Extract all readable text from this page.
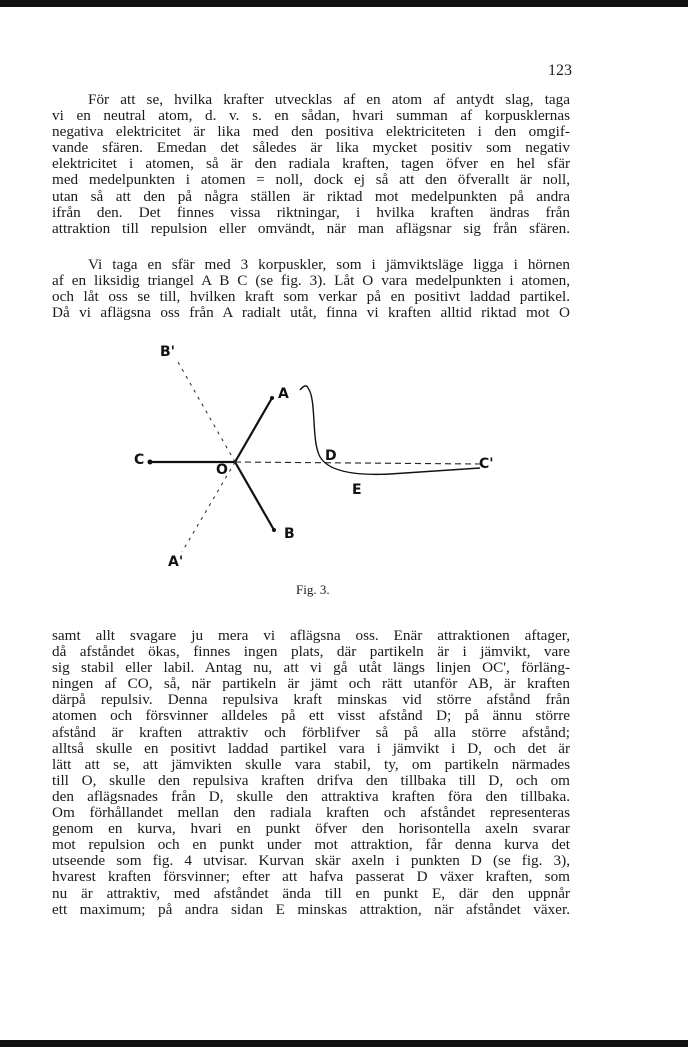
123
För att se, hvilka krafter utvecklas af en atom af antydt slag, taga
vi en neutral atom, d. v. s. en sådan, hvari summan af korpusklernas
negativa elektricitet är lika med den positiva elektriciteten i den omgif-
vande sfären. Emedan det således är lika mycket positiv som negativ
elektricitet i atomen, så är den radiala kraften, tagen öfver en hel sfär
med medelpunkten i atomen = noll, dock ej så att den öfverallt är noll,
utan så att den på några ställen är riktad mot medelpunkten på andra
ifrån den. Det finnes vissa riktningar, i hvilka kraften ändras från
attraktion till repulsion eller omvändt, när man aflägsnar sig från sfären.
Vi taga en sfär med 3 korpuskler, som i jämviktsläge ligga i hörnen
af en liksidig triangel A B C (se fig. 3). Låt O vara medelpunkten i atomen,
och låt oss se till, hvilken kraft som verkar på en positivt laddad partikel.
Då vi aflägsna oss från A radialt utåt, finna vi kraften alltid riktad mot O
B'
A
C
O
D	C'
E
B
A'
Fig. 3.
samt allt svagare ju mera vi aflägsna oss. Enär attraktionen aftager,
då afståndet ökas, finnes ingen plats, där partikeln är i jämvikt, vare
sig stabil eller labil. Antag nu, att vi gå utåt längs linjen OC', förläng-
ningen af CO, så, när partikeln är jämt och rätt utanför AB, är kraften
därpå repulsiv. Denna repulsiva kraft minskas vid större afstånd från
atomen och försvinner alldeles på ett visst afstånd D; på ännu större
afstånd är kraften attraktiv och förblifver så på alla större afstånd;
alltså skulle en positivt laddad partikel vara i jämvikt i D, och det är
lätt att se, att jämvikten skulle vara stabil, ty, om partikeln närmades
till O, skulle den repulsiva kraften drifva den tillbaka till D, och om
den aflägsnades från D, skulle den attraktiva kraften föra den tillbaka.
Om förhållandet mellan den radiala kraften och afståndet representeras
genom en kurva, hvari en punkt öfver den horisontella axeln svarar
mot repulsion och en punkt under mot attraktion, får denna kurva det
utseende som fig. 4 utvisar. Kurvan skär axeln i punkten D (se fig. 3),
hvarest kraften försvinner; efter att hafva passerat D växer kraften, som
nu är attraktiv, med afståndet ända till en punkt E, där den uppnår
ett maximum; på andra sidan E minskas attraktion, när afståndet växer.
